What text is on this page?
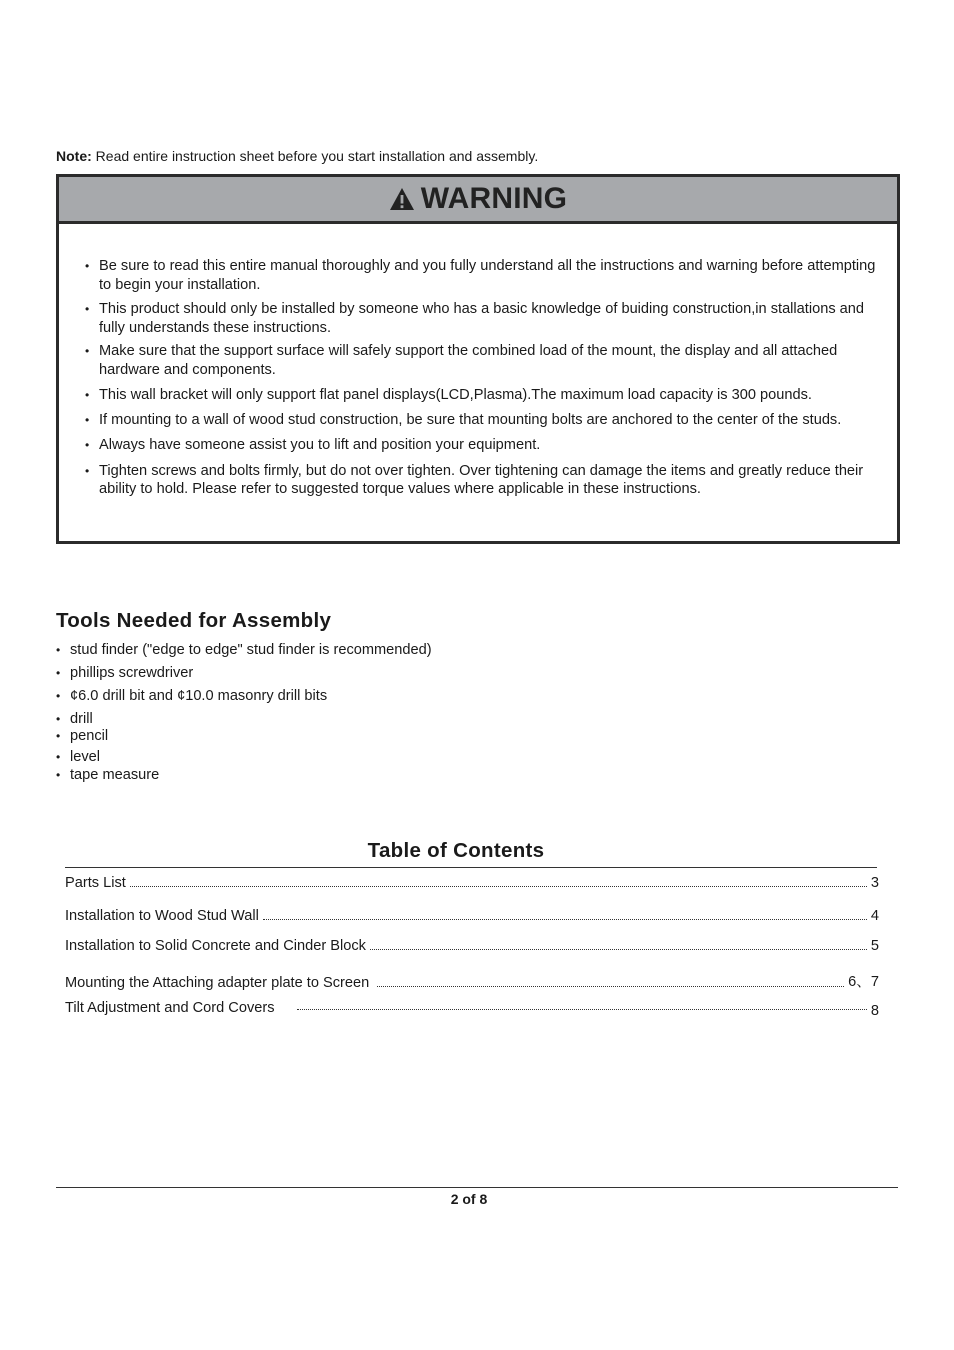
Note: Read entire instruction sheet before you start installation and assembly.
WARNING
• Be sure to read this entire manual thoroughly and you fully understand all the instructions and warning before attempting to begin your installation.
• This product should only be installed by someone who has a basic knowledge of buiding construction,in stallations and fully understands these instructions.
• Make sure that the support surface will safely support the combined load of the mount, the display and all attached hardware and components.
• This wall bracket will only support flat panel displays(LCD,Plasma).The maximum load capacity is 300 pounds.
• If mounting to a wall of wood stud construction, be sure that mounting bolts are anchored to the center of the studs.
• Always have someone assist you to lift and position your equipment.
• Tighten screws and bolts firmly, but do not over tighten. Over tightening can damage the items and greatly reduce their ability to hold. Please refer to suggested torque values where applicable in these instructions.
Tools Needed for Assembly
• stud finder ("edge to edge" stud finder is recommended)
• phillips screwdriver
• ¢6.0 drill bit and ¢10.0 masonry drill bits
• drill
• pencil
• level
• tape measure
Table of Contents
Parts List	3
Installation to Wood Stud Wall	4
Installation to Solid Concrete and Cinder Block	5
Mounting the Attaching adapter plate to Screen	6、7
Tilt Adjustment and Cord Covers	8
2 of 8
